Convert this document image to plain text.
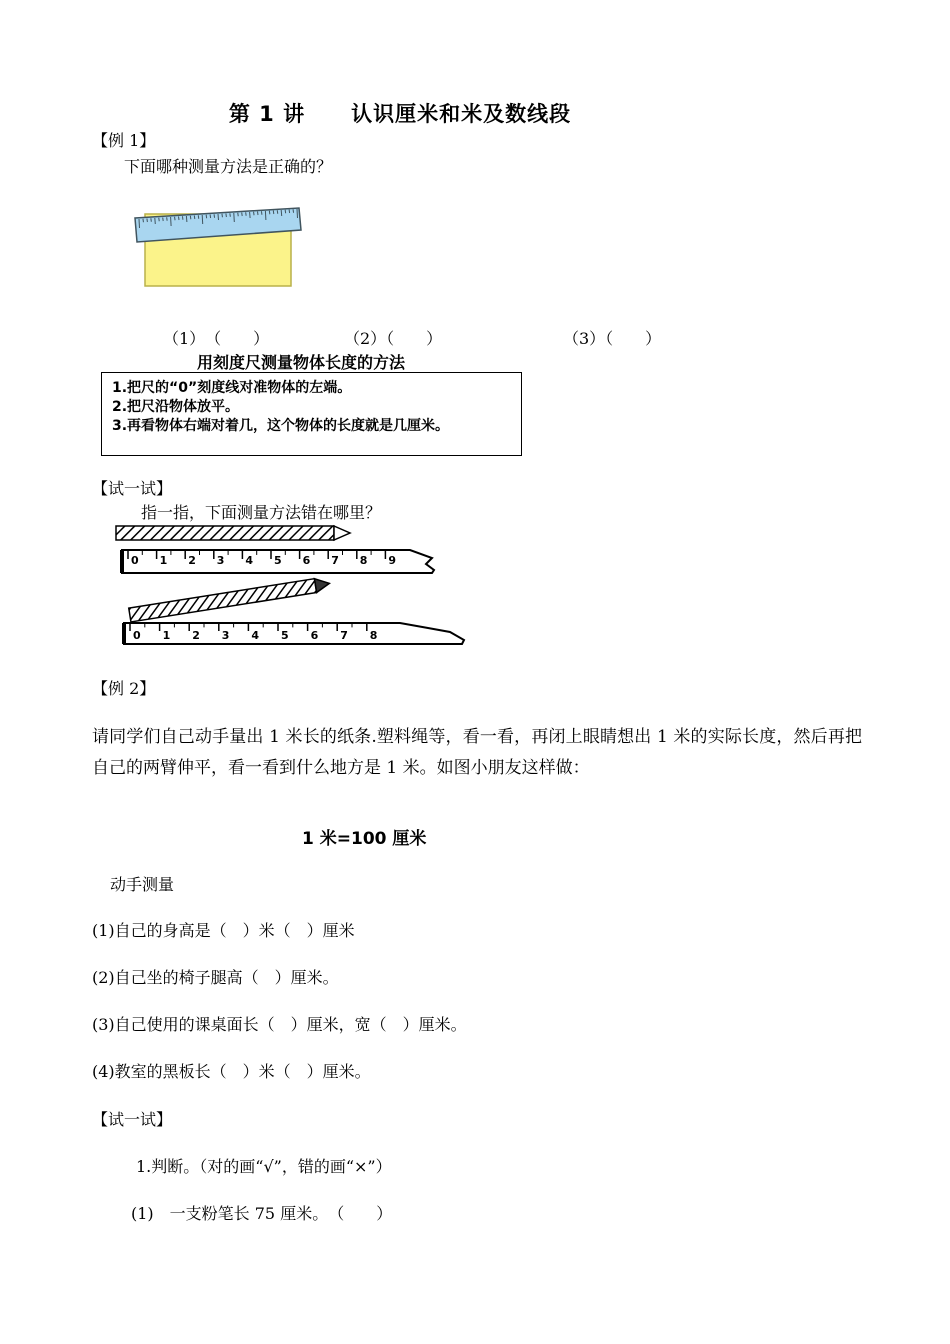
第 1 讲 认识厘米和米及数线段
【例 1】
下面哪种测量方法是正确的？
（1）　（　　）	（2）（　　）	（3）（　　）
用刻度尺测量物体长度的方法
1.把尺的“0”刻度线对准物体的左端。
2.把尺沿物体放平。
3.再看物体右端对着几，这个物体的长度就是几厘米。
【试一试】
指一指，下面测量方法错在哪里？
0 1 2 3 4 5 6 7 8 9
0 1 2 3 4 5 6 7 8
【例 2】
请同学们自己动手量出 1 米长的纸条.塑料绳等，看一看，再闭上眼睛想出 1 米的实际长度，然后再把自己的两臂伸平，看一看到什么地方是 1 米。如图小朋友这样做：
1 米=100 厘米
动手测量
(1)自己的身高是（　）米（　）厘米
(2)自己坐的椅子腿高（　）厘米。
(3)自己使用的课桌面长（　）厘米，宽（　）厘米。
(4)教室的黑板长（　）米（　）厘米。
【试一试】
1.判断。（对的画“√”，错的画“×”）
(1)　一支粉笔长 75 厘米。　（　　）
